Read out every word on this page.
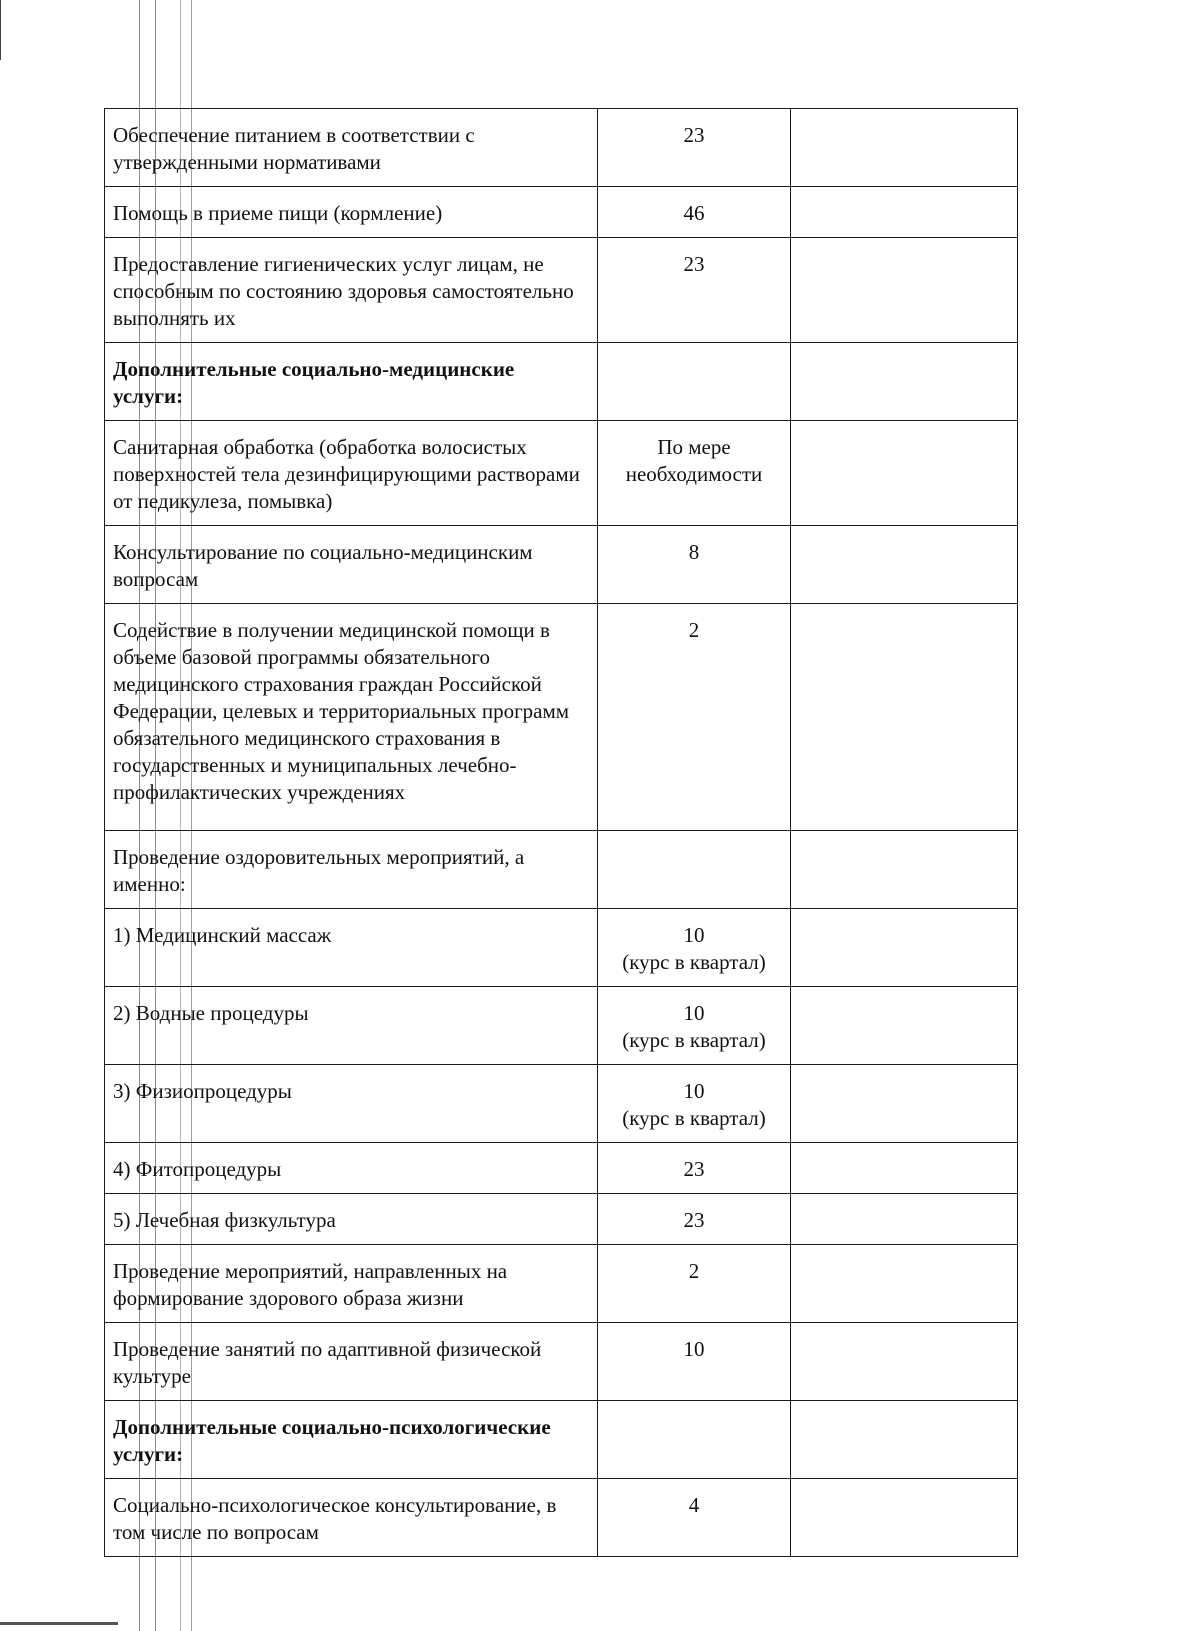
Обеспечение питанием в соответствии с утвержденными нормативами	23	

Помощь в приеме пищи (кормление)	46	

Предоставление гигиенических услуг лицам, не способным по состоянию здоровья самостоятельно выполнять их	23	

Дополнительные социально-медицинские услуги:	

Санитарная обработка (обработка волосистых поверхностей тела дезинфицирующими растворами от педикулеза, помывка)	По мере
необходимости	

Консультирование по социально-медицинским вопросам	8	

Содействие в получении медицинской помощи в объеме базовой программы обязательного медицинского страхования граждан Российской Федерации, целевых и территориальных программ обязательного медицинского страхования в государственных и муниципальных лечебно-профилактических учреждениях	2	

Проведение оздоровительных мероприятий, а именно:	

1) Медицинский массаж	10
(курс в квартал)	

2) Водные процедуры	10
(курс в квартал)	

3) Физиопроцедуры	10
(курс в квартал)	

4) Фитопроцедуры	23	

5) Лечебная физкультура	23	

Проведение мероприятий, направленных на формирование здорового образа жизни	2	

Проведение занятий по адаптивной физической культуре	10	

Дополнительные социально-психологические услуги:	

Социально-психологическое консультирование, в том числе по вопросам	4	
